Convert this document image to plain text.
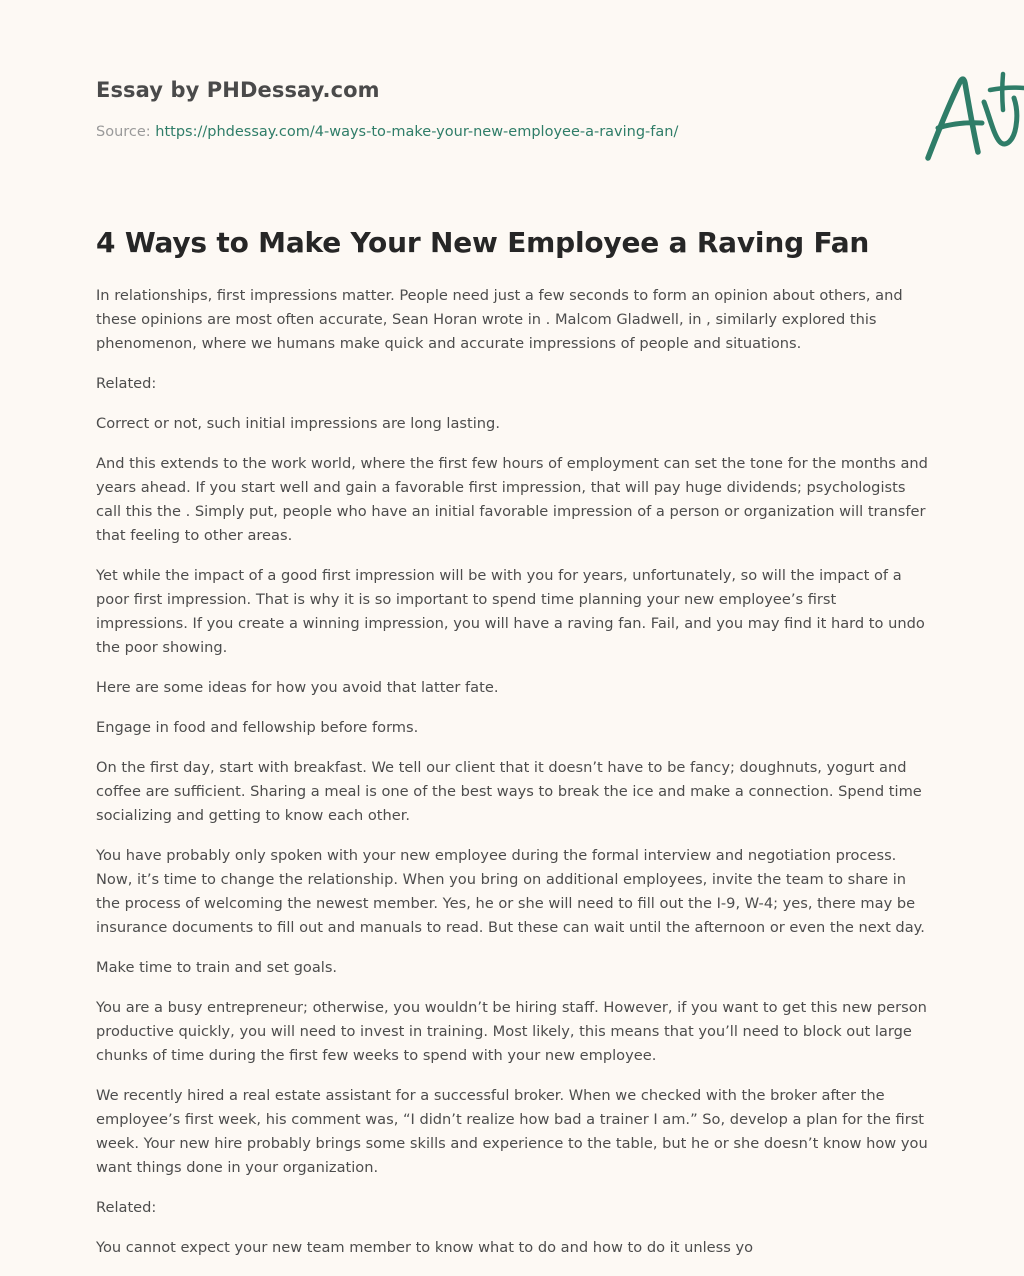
Essay by PHDessay.com
Source: https://phdessay.com/4-ways-to-make-your-new-employee-a-raving-fan/
4 Ways to Make Your New Employee a Raving Fan

In relationships, first impressions matter. People need just a few seconds to form an opinion about others, and these opinions are most often accurate, Sean Horan wrote in . Malcom Gladwell, in , similarly explored this phenomenon, where we humans make quick and accurate impressions of people and situations.

Related:

Correct or not, such initial impressions are long lasting.

And this extends to the work world, where the first few hours of employment can set the tone for the months and years ahead. If you start well and gain a favorable first impression, that will pay huge dividends; psychologists call this the . Simply put, people who have an initial favorable impression of a person or organization will transfer that feeling to other areas.

Yet while the impact of a good first impression will be with you for years, unfortunately, so will the impact of a poor first impression. That is why it is so important to spend time planning your new employee’s first impressions. If you create a winning impression, you will have a raving fan. Fail, and you may find it hard to undo the poor showing.

Here are some ideas for how you avoid that latter fate.

Engage in food and fellowship before forms.

On the first day, start with breakfast. We tell our client that it doesn’t have to be fancy; doughnuts, yogurt and coffee are sufficient. Sharing a meal is one of the best ways to break the ice and make a connection. Spend time socializing and getting to know each other.

You have probably only spoken with your new employee during the formal interview and negotiation process. Now, it’s time to change the relationship. When you bring on additional employees, invite the team to share in the process of welcoming the newest member. Yes, he or she will need to fill out the I-9, W-4; yes, there may be insurance documents to fill out and manuals to read. But these can wait until the afternoon or even the next day.

Make time to train and set goals.

You are a busy entrepreneur; otherwise, you wouldn’t be hiring staff. However, if you want to get this new person productive quickly, you will need to invest in training. Most likely, this means that you’ll need to block out large chunks of time during the first few weeks to spend with your new employee.

We recently hired a real estate assistant for a successful broker. When we checked with the broker after the employee’s first week, his comment was, “I didn’t realize how bad a trainer I am.” So, develop a plan for the first week. Your new hire probably brings some skills and experience to the table, but he or she doesn’t know how you want things done in your organization.

Related:

You cannot expect your new team member to know what to do and how to do it unless yo
